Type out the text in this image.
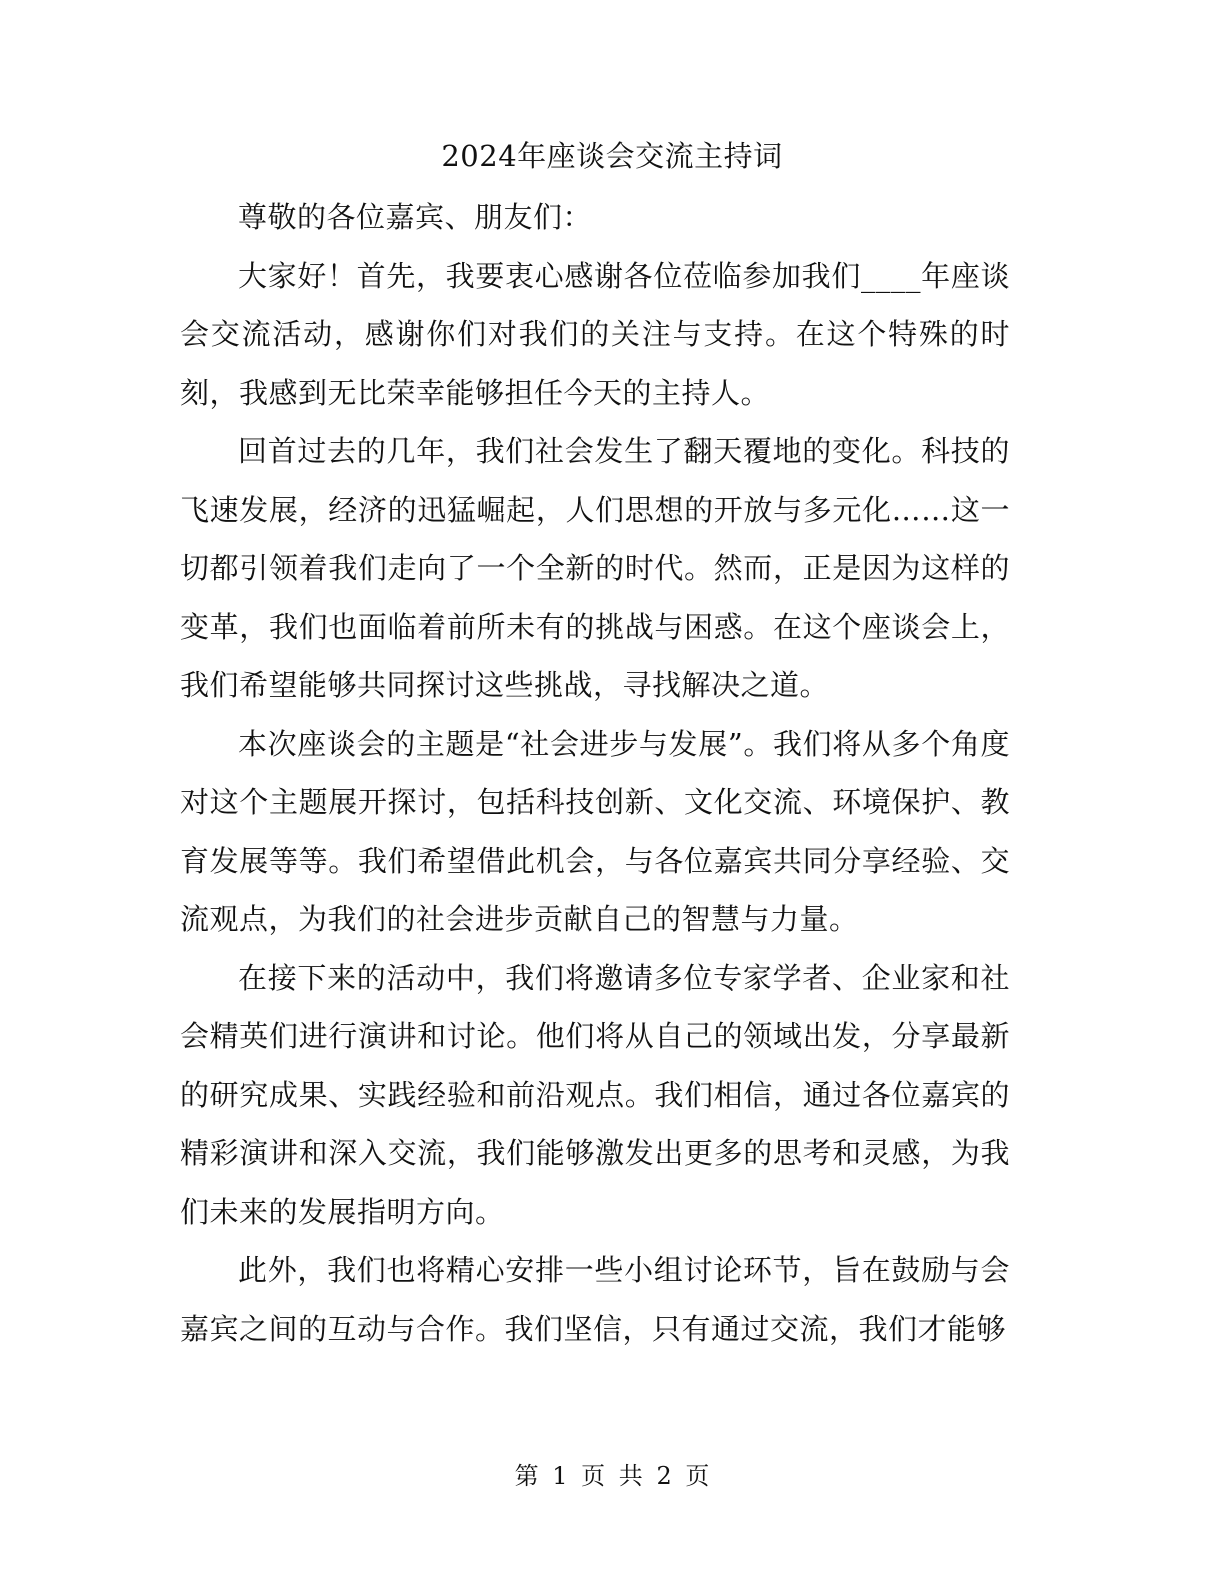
2024年座谈会交流主持词

尊敬的各位嘉宾、朋友们：

大家好！首先，我要衷心感谢各位莅临参加我们____年座谈会交流活动，感谢你们对我们的关注与支持。在这个特殊的时刻，我感到无比荣幸能够担任今天的主持人。

回首过去的几年，我们社会发生了翻天覆地的变化。科技的飞速发展，经济的迅猛崛起，人们思想的开放与多元化……这一切都引领着我们走向了一个全新的时代。然而，正是因为这样的变革，我们也面临着前所未有的挑战与困惑。在这个座谈会上，我们希望能够共同探讨这些挑战，寻找解决之道。

本次座谈会的主题是“社会进步与发展”。我们将从多个角度对这个主题展开探讨，包括科技创新、文化交流、环境保护、教育发展等等。我们希望借此机会，与各位嘉宾共同分享经验、交流观点，为我们的社会进步贡献自己的智慧与力量。

在接下来的活动中，我们将邀请多位专家学者、企业家和社会精英们进行演讲和讨论。他们将从自己的领域出发，分享最新的研究成果、实践经验和前沿观点。我们相信，通过各位嘉宾的精彩演讲和深入交流，我们能够激发出更多的思考和灵感，为我们未来的发展指明方向。

此外，我们也将精心安排一些小组讨论环节，旨在鼓励与会嘉宾之间的互动与合作。我们坚信，只有通过交流，我们才能够

第 1 页 共 2 页
